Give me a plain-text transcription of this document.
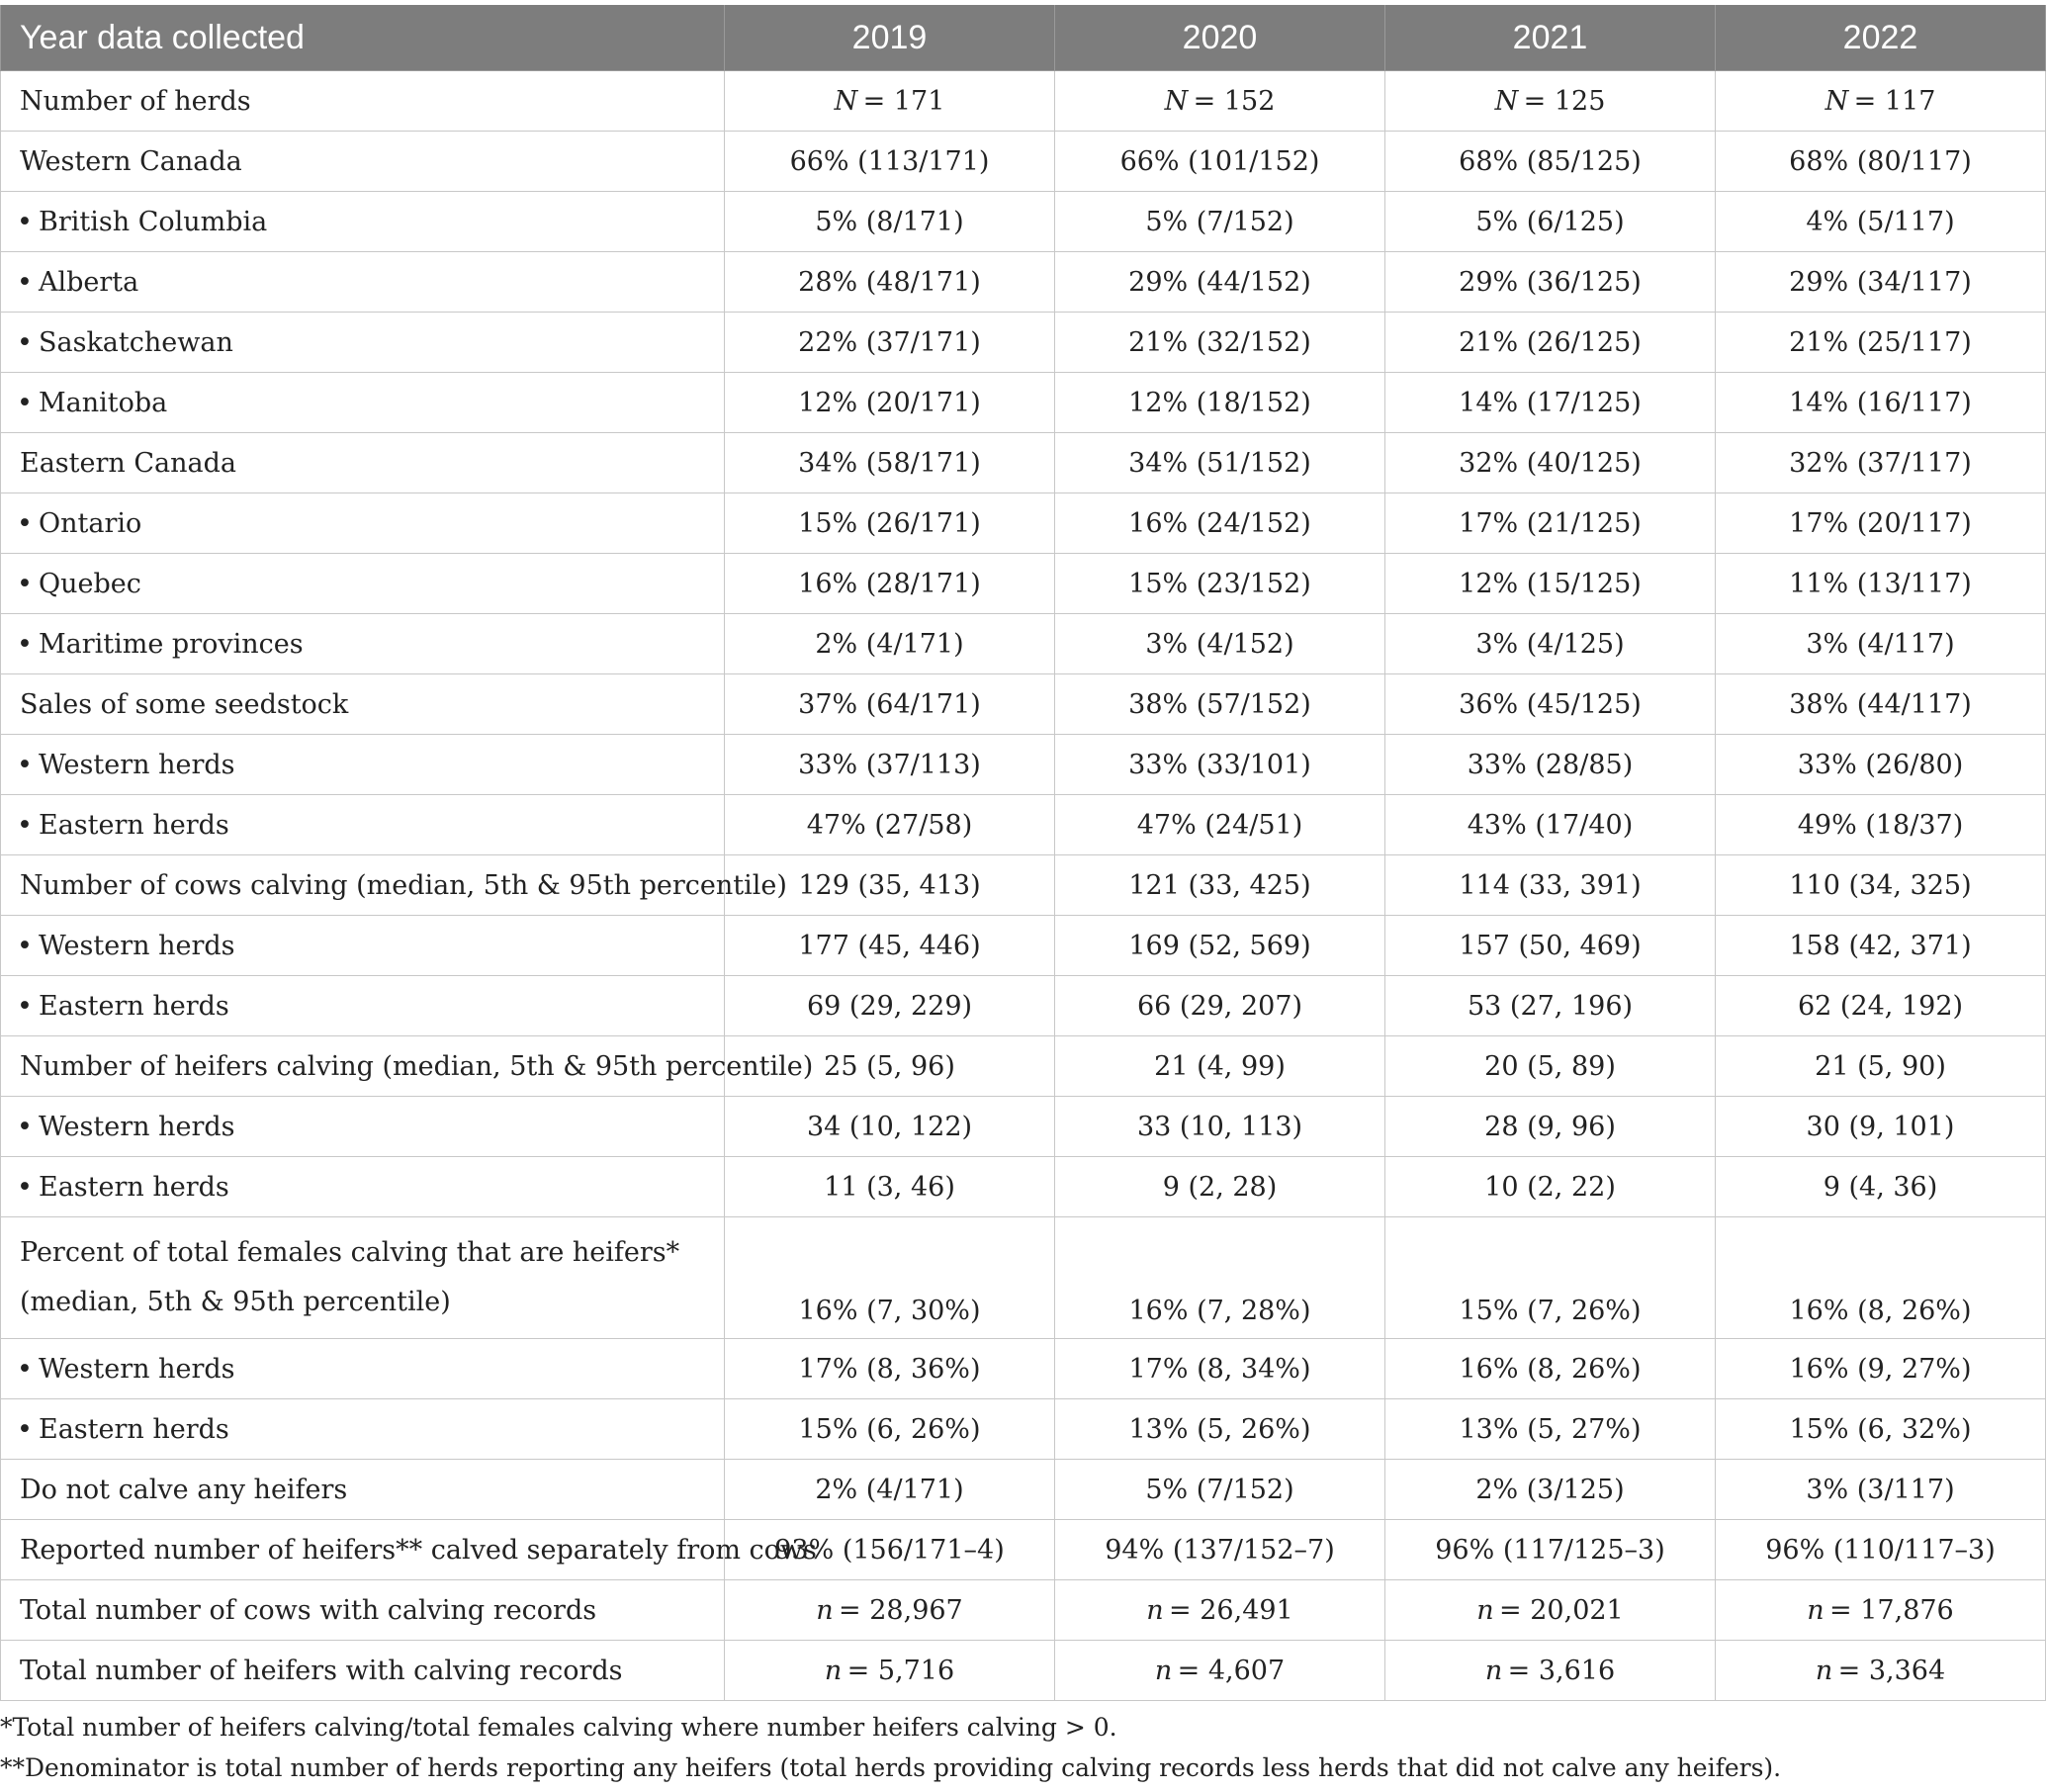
Year data collected	2019	2020	2021	2022
Number of herds	N  = 171	N  = 152	N  = 125	N  = 117
Western Canada	66% (113/171)	66% (101/152)	68% (85/125)	68% (80/117)
• British Columbia	5% (8/171)	5% (7/152)	5% (6/125)	4% (5/117)
• Alberta	28% (48/171)	29% (44/152)	29% (36/125)	29% (34/117)
• Saskatchewan	22% (37/171)	21% (32/152)	21% (26/125)	21% (25/117)
• Manitoba	12% (20/171)	12% (18/152)	14% (17/125)	14% (16/117)
Eastern Canada	34% (58/171)	34% (51/152)	32% (40/125)	32% (37/117)
• Ontario	15% (26/171)	16% (24/152)	17% (21/125)	17% (20/117)
• Quebec	16% (28/171)	15% (23/152)	12% (15/125)	11% (13/117)
• Maritime provinces	2% (4/171)	3% (4/152)	3% (4/125)	3% (4/117)
Sales of some seedstock	37% (64/171)	38% (57/152)	36% (45/125)	38% (44/117)
• Western herds	33% (37/113)	33% (33/101)	33% (28/85)	33% (26/80)
• Eastern herds	47% (27/58)	47% (24/51)	43% (17/40)	49% (18/37)
Number of cows calving (median, 5th & 95th percentile)	129 (35, 413)	121 (33, 425)	114 (33, 391)	110 (34, 325)
• Western herds	177 (45, 446)	169 (52, 569)	157 (50, 469)	158 (42, 371)
• Eastern herds	69 (29, 229)	66 (29, 207)	53 (27, 196)	62 (24, 192)
Number of heifers calving (median, 5th & 95th percentile)	25 (5, 96)	21 (4, 99)	20 (5, 89)	21 (5, 90)
• Western herds	34 (10, 122)	33 (10, 113)	28 (9, 96)	30 (9, 101)
• Eastern herds	11 (3, 46)	9 (2, 28)	10 (2, 22)	9 (4, 36)

Percent of total females calving that are heifers*
(median, 5th & 95th percentile)	16% (7, 30%)	16% (7, 28%)	15% (7, 26%)	16% (8, 26%)
• Western herds	17% (8, 36%)	17% (8, 34%)	16% (8, 26%)	16% (9, 27%)
• Eastern herds	15% (6, 26%)	13% (5, 26%)	13% (5, 27%)	15% (6, 32%)
Do not calve any heifers	2% (4/171)	5% (7/152)	2% (3/125)	3% (3/117)
Reported number of heifers** calved separately from cows	93% (156/171–4)	94% (137/152–7)	96% (117/125–3)	96% (110/117–3)
Total number of cows with calving records	n  = 28,967	n  = 26,491	n  = 20,021	n  = 17,876
Total number of heifers with calving records	n  = 5,716	n  = 4,607	n  = 3,616	n  = 3,364
*Total number of heifers calving/total females calving where number heifers calving > 0.
**Denominator is total number of herds reporting any heifers (total herds providing calving records less herds that did not calve any heifers).
